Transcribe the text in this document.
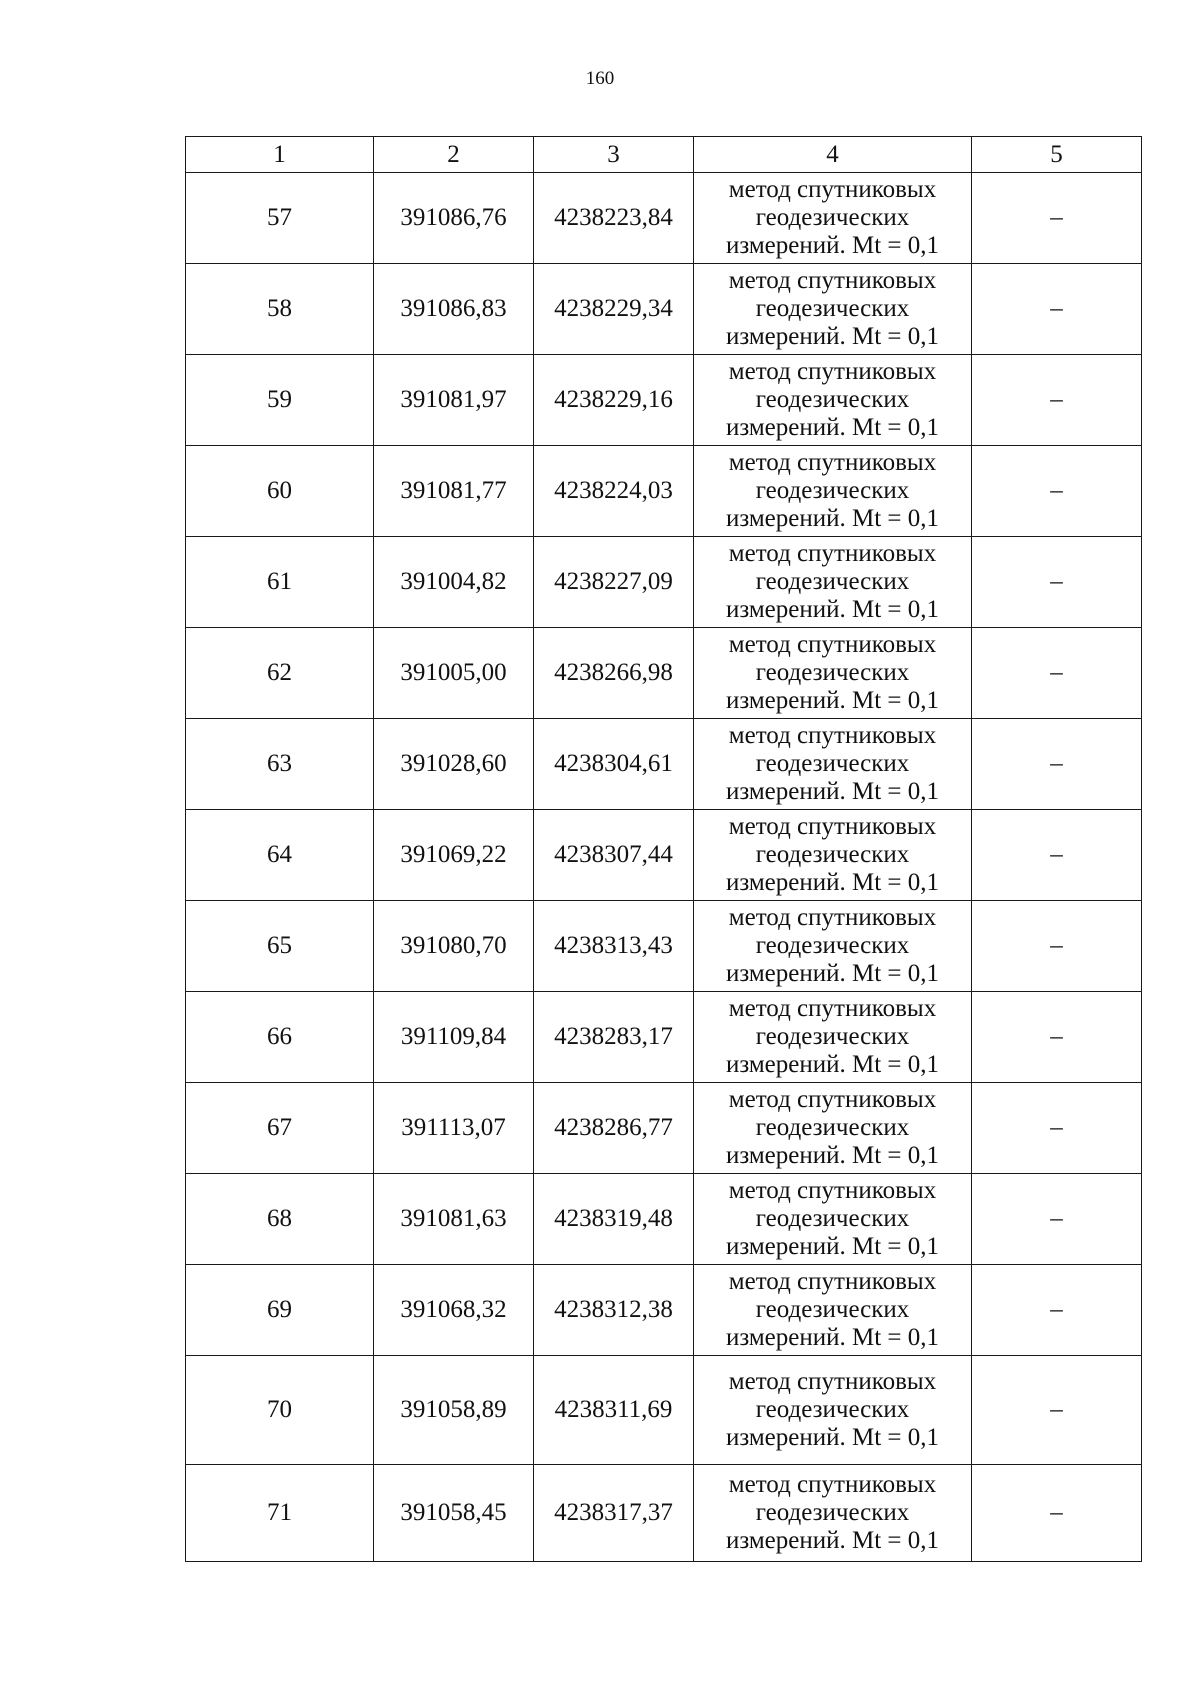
160
1	2	3	4	5
57	391086,76	4238223,84	метод спутниковых
геодезических
измерений. Mt = 0,1	–
58	391086,83	4238229,34	метод спутниковых
геодезических
измерений. Mt = 0,1	–
59	391081,97	4238229,16	метод спутниковых
геодезических
измерений. Mt = 0,1	–
60	391081,77	4238224,03	метод спутниковых
геодезических
измерений. Mt = 0,1	–
61	391004,82	4238227,09	метод спутниковых
геодезических
измерений. Mt = 0,1	–
62	391005,00	4238266,98	метод спутниковых
геодезических
измерений. Mt = 0,1	–
63	391028,60	4238304,61	метод спутниковых
геодезических
измерений. Mt = 0,1	–
64	391069,22	4238307,44	метод спутниковых
геодезических
измерений. Mt = 0,1	–
65	391080,70	4238313,43	метод спутниковых
геодезических
измерений. Mt = 0,1	–
66	391109,84	4238283,17	метод спутниковых
геодезических
измерений. Mt = 0,1	–
67	391113,07	4238286,77	метод спутниковых
геодезических
измерений. Mt = 0,1	–
68	391081,63	4238319,48	метод спутниковых
геодезических
измерений. Mt = 0,1	–
69	391068,32	4238312,38	метод спутниковых
геодезических
измерений. Mt = 0,1	–
70	391058,89	4238311,69	метод спутниковых
геодезических
измерений. Mt = 0,1	–
71	391058,45	4238317,37	метод спутниковых
геодезических
измерений. Mt = 0,1	–
